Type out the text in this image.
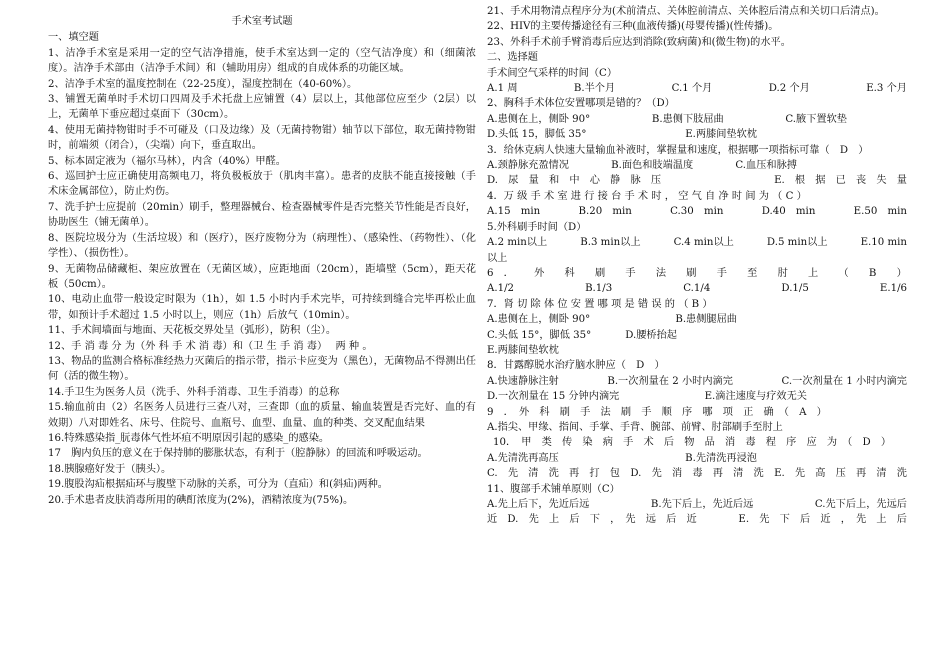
手术室考试题
一、填空题

1、洁净手术室是采用一定的空气洁净措施，使手术室达到一定的（空气洁净度）和（细菌浓度）。洁净手术部由（洁净手术间）和（辅助用房）组成的自成体系的功能区域。

2、洁净手术室的温度控制在（22-25度），湿度控制在（40-60%）。

3、铺置无菌单时手术切口四周及手术托盘上应铺置（4）层以上，其他部位应至少（2层）以上，无菌单下垂应超过桌面下（30cm）。

4、使用无菌持物钳时手不可碰及（口及边缘）及（无菌持物钳）轴节以下部位，取无菌持物钳时，前端须（闭合），（尖端）向下，垂直取出。

5、标本固定液为（福尔马林），内含（40%）甲醛。

6、巡回护士应正确使用高频电刀，将负极板放于（肌肉丰富）。患者的皮肤不能直接接触（手术床金属部位），防止灼伤。

7、洗手护士应提前（20min）刷手，整理器械台、检查器械零件是否完整关节性能是否良好，协助医生（铺无菌单）。

8、医院垃圾分为（生活垃圾）和（医疗），医疗废物分为（病理性）、（感染性、（药物性）、（化学性）、（损伤性）。

9、无菌物品储藏柜、架应放置在（无菌区域），应距地面（20cm），距墙壁（5cm），距天花板（50cm）。

10、电动止血带一般设定时限为（1h），如 1.5 小时内手术完毕，可持续到缝合完毕再松止血带，如预计手术超过 1.5 小时以上，则应（1h）后放气（10min）。

11、手术间墙面与地面、天花板交界处呈（弧形），防积（尘）。

12、手 消 毒 分 为（外 科 手 术 消 毒）和（卫 生 手 消 毒）　 两 种 。

13、物品的监测合格标准经热力灭菌后的指示带，指示卡应变为（黑色），无菌物品不得测出任何（活的微生物）。

14.手卫生为医务人员（洗手、外科手消毒、卫生手消毒）的总称

15.输血前由（2）名医务人员进行三查八对，三查即（血的质量、输血装置是否完好、血的有效期）八对即姓名、床号、住院号、血瓶号、血型、血量、血的种类、交叉配血结果

16.特殊感染指_朊毒体气性坏疽不明原因引起的感染_的感染。

17　胸内负压的意义在于保持肺的膨胀状态，有利于（腔静脉）的回流和呼吸运动。

18.胰腺癌好发于（胰头）。

19.腹股沟疝根据疝环与腹壁下动脉的关系，可分为（直疝）和(斜疝)两种。

20.手术患者皮肤消毒所用的碘酊浓度为(2%)，酒精浓度为(75%)。

21、手术用物清点程序分为(术前清点、关体腔前清点、关体腔后清点和关切口后清点)。

22、HIV的主要传播途径有三种(血液传播)(母婴传播)(性传播)。

23、外科手术前手臂消毒后应达到消除(致病菌)和(微生物)的水平。

二、选择题

手术间空气采样的时间（C）

A.1 周	B.半个月	C.1 个月	D.2 个月	E.3 个月

2、胸科手术体位安置哪项是错的？（D）

A.患侧在上，侧卧 90°	B.患侧下肢屈曲	C.腋下置软垫
D.头低 15，脚低 35°	E.两膝间垫软枕

3．给休克病人快速大量输血补液时，掌握量和速度，根据哪一项指标可靠（　D　）

A.颈静脉充盈情况	B.面色和肢端温度	C.血压和脉搏
D.　尿　量　和　中　心　静　脉　压	E.　根　据　已　丧　失　量

4．万 级 手 术 室 进 行 接 台 手 术 时 ， 空 气 自 净 时 间 为 （ C ）

A.15　min	B.20　min	C.30　min	D.40　min	E.50　min

5.外科刷手时间（D）

A.2 min以上	B.3 min以上	C.4 min以上	D.5 min以上	E.10 min

以上

6　． 外 科 刷 手 法 刷 手 至 肘 上 （ B ）
A.1/2	B.1/3	C.1/4	D.1/5	E.1/6

7．肾 切 除 体 位 安 置 哪 项 是 错 误 的 （ B ）

A.患侧在上，侧卧 90°	B.患侧腿屈曲
C.头低 15°，脚低 35°	D.腰桥抬起

E.两膝间垫软枕

8．甘露醇脱水治疗脑水肿应（　D　）

A.快速静脉注射	B.一次剂量在 2 小时内滴完	C.一次剂量在 1 小时内滴完
D.一次剂量在 15 分钟内滴完	E.滴注速度与疗效无关

9　．　外　科　刷　手　法　刷　手　顺　序　哪　项　正　确　（　A　）

A.指尖、甲缘、指间、手掌、手背、腕部、前臂、肘部刷手至肘上

10．　甲　类　传　染　病　手　术　后　物　品　消　毒　程　序　应　为　（　D　）

A.先清洗再高压	B.先清洗再浸泡
C.　先　清　洗　再　打　包 D.　先　消　毒　再　清　洗 E.　先　高　压　再　清　洗

11、腹部手术铺单原则（C）

A.先上后下，先近后远	B.先下后上，先近后远	C.先下后上，先远后
近　D.　先　上　后　下　，　先　远　后　近	E.　先　下　后　近　，　先　上　后
